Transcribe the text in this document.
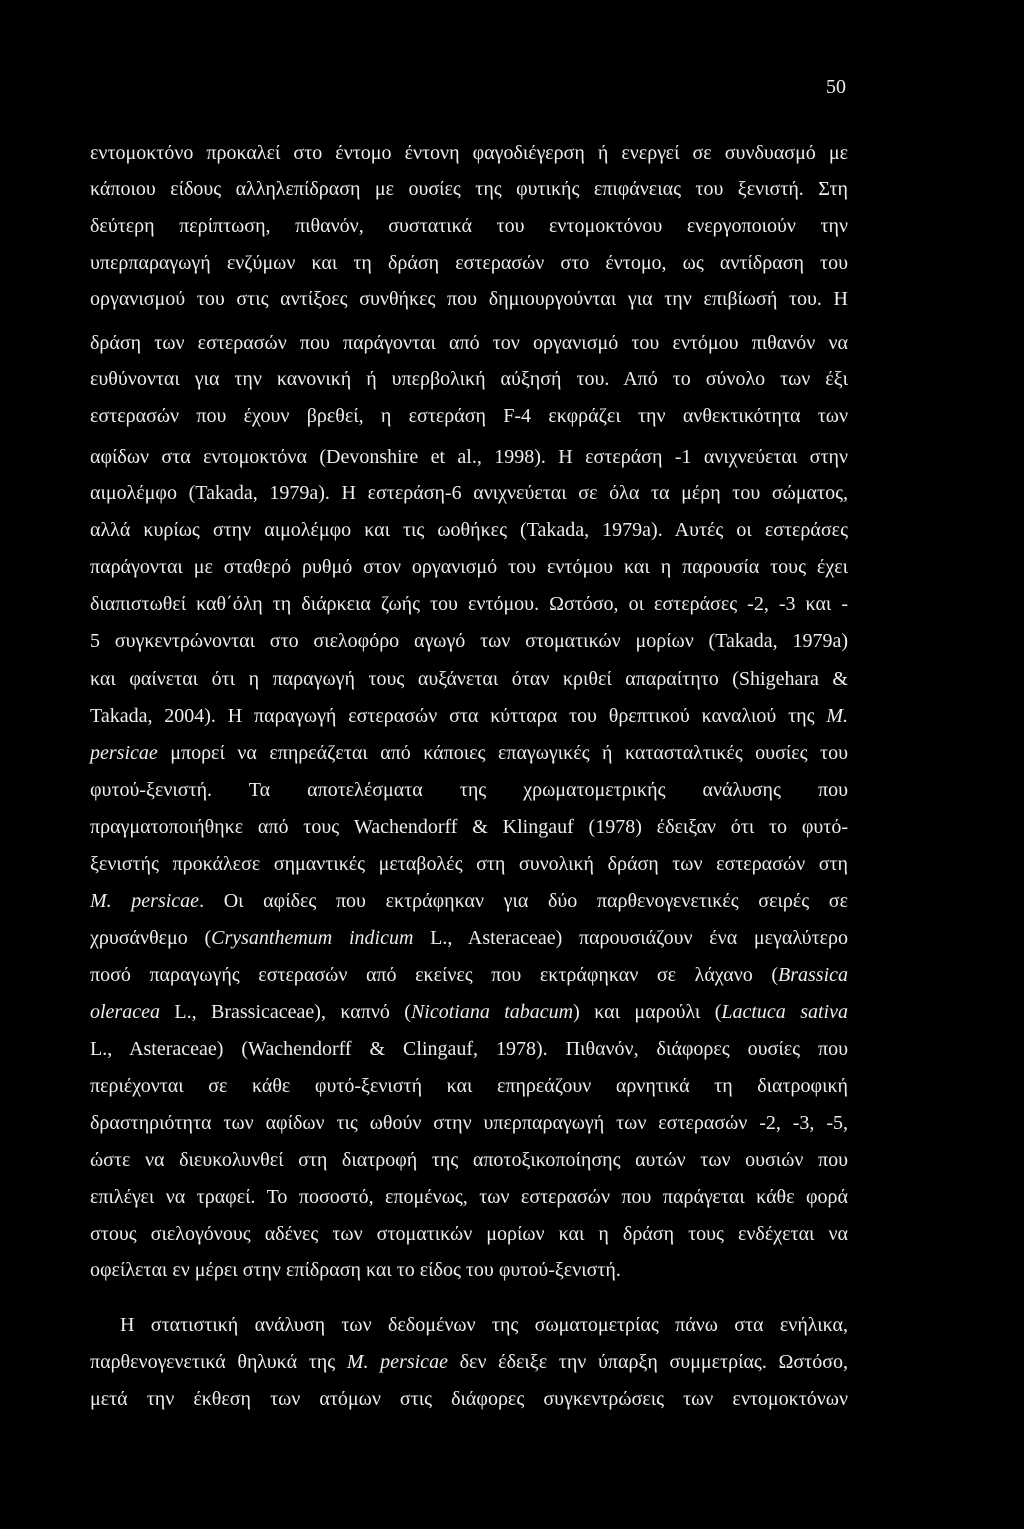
50
εντομοκτόνο προκαλεί στο έντομο έντονη φαγοδιέγερση ή ενεργεί σε συνδυασμό με
κάποιου είδους αλληλεπίδραση με ουσίες της φυτικής επιφάνειας του ξενιστή. Στη
δεύτερη περίπτωση, πιθανόν, συστατικά του εντομοκτόνου ενεργοποιούν την
υπερπαραγωγή ενζύμων και τη δράση εστερασών στο έντομο, ως αντίδραση του
οργανισμού του στις αντίξοες συνθήκες που δημιουργούνται για την επιβίωσή του. Η
δράση των εστερασών που παράγονται από τον οργανισμό του εντόμου πιθανόν να
ευθύνονται για την κανονική ή υπερβολική αύξησή του. Από το σύνολο των έξι
εστερασών που έχουν βρεθεί, η εστεράση F-4 εκφράζει την ανθεκτικότητα των
αφίδων στα εντομοκτόνα (Devonshire et al., 1998). Η εστεράση -1 ανιχνεύεται στην
αιμολέμφο (Takada, 1979a). Η εστεράση-6 ανιχνεύεται σε όλα τα μέρη του σώματος,
αλλά κυρίως στην αιμολέμφο και τις ωοθήκες (Takada, 1979a). Αυτές οι εστεράσες
παράγονται με σταθερό ρυθμό στον οργανισμό του εντόμου και η παρουσία τους έχει
διαπιστωθεί καθ΄όλη τη διάρκεια ζωής του εντόμου. Ωστόσο, οι εστεράσες -2, -3 και -
5 συγκεντρώνονται στο σιελοφόρο αγωγό των στοματικών μορίων (Takada, 1979a)
και φαίνεται ότι η παραγωγή τους αυξάνεται όταν κριθεί απαραίτητο (Shigehara &
Takada, 2004). Η παραγωγή εστερασών στα κύτταρα του θρεπτικού καναλιού της M.
persicae μπορεί να επηρεάζεται από κάποιες επαγωγικές ή κατασταλτικές ουσίες του
φυτού-ξενιστή. Τα αποτελέσματα της χρωματομετρικής ανάλυσης που
πραγματοποιήθηκε από τους Wachendorff & Klingauf (1978) έδειξαν ότι το φυτό-
ξενιστής προκάλεσε σημαντικές μεταβολές στη συνολική δράση των εστερασών στη
M. persicae. Οι αφίδες που εκτράφηκαν για δύο παρθενογενετικές σειρές σε
χρυσάνθεμο (Crysanthemum indicum L., Asteraceae) παρουσιάζουν ένα μεγαλύτερο
ποσό παραγωγής εστερασών από εκείνες που εκτράφηκαν σε λάχανο (Brassica
oleracea L., Brassicaceae), καπνό (Nicotiana tabacum) και μαρούλι (Lactuca sativa
L., Asteraceae) (Wachendorff & Clingauf, 1978). Πιθανόν, διάφορες ουσίες που
περιέχονται σε κάθε φυτό-ξενιστή και επηρεάζουν αρνητικά τη διατροφική
δραστηριότητα των αφίδων τις ωθούν στην υπερπαραγωγή των εστερασών -2, -3, -5,
ώστε να διευκολυνθεί στη διατροφή της αποτοξικοποίησης αυτών των ουσιών που
επιλέγει να τραφεί. Το ποσοστό, επομένως, των εστερασών που παράγεται κάθε φορά
στους σιελογόνους αδένες των στοματικών μορίων και η δράση τους ενδέχεται να
οφείλεται εν μέρει στην επίδραση και το είδος του φυτού-ξενιστή.
Η στατιστική ανάλυση των δεδομένων της σωματομετρίας πάνω στα ενήλικα,
παρθενογενετικά θηλυκά της M. persicae δεν έδειξε την ύπαρξη συμμετρίας. Ωστόσο,
μετά την έκθεση των ατόμων στις διάφορες συγκεντρώσεις των εντομοκτόνων
